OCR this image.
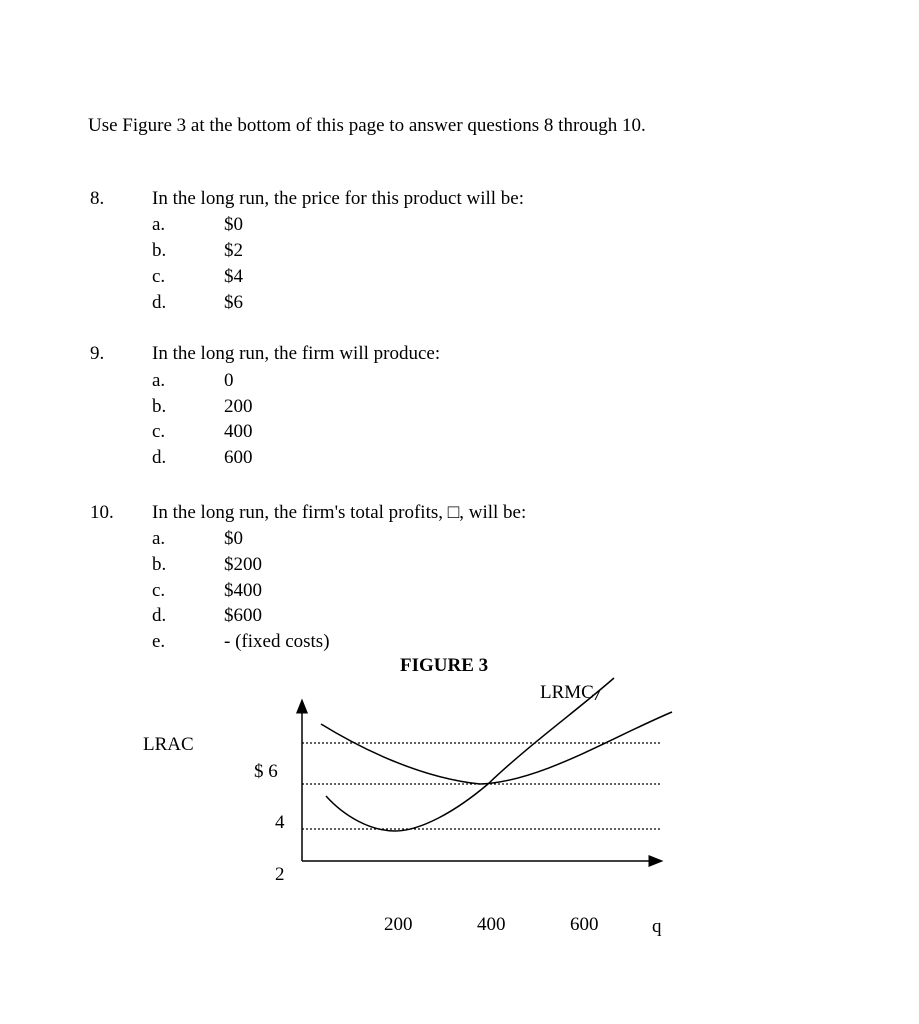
Use Figure 3 at the bottom of this page to answer questions 8 through 10.
8.	In the long run, the price for this product will be:
a.	$0
b.	$2
c.	$4
d.	$6
9.	In the long run, the firm will produce:
a.	0
b.	200
c.	400
d.	600
10. In the long run, the firm's total profits, □, will be:
a.	$0
b.	$200
c.	$400
d.	$600
e.	- (fixed costs)
FIGURE 3
LRMC
LRAC
$ 6
4
2
200	400	600	q
